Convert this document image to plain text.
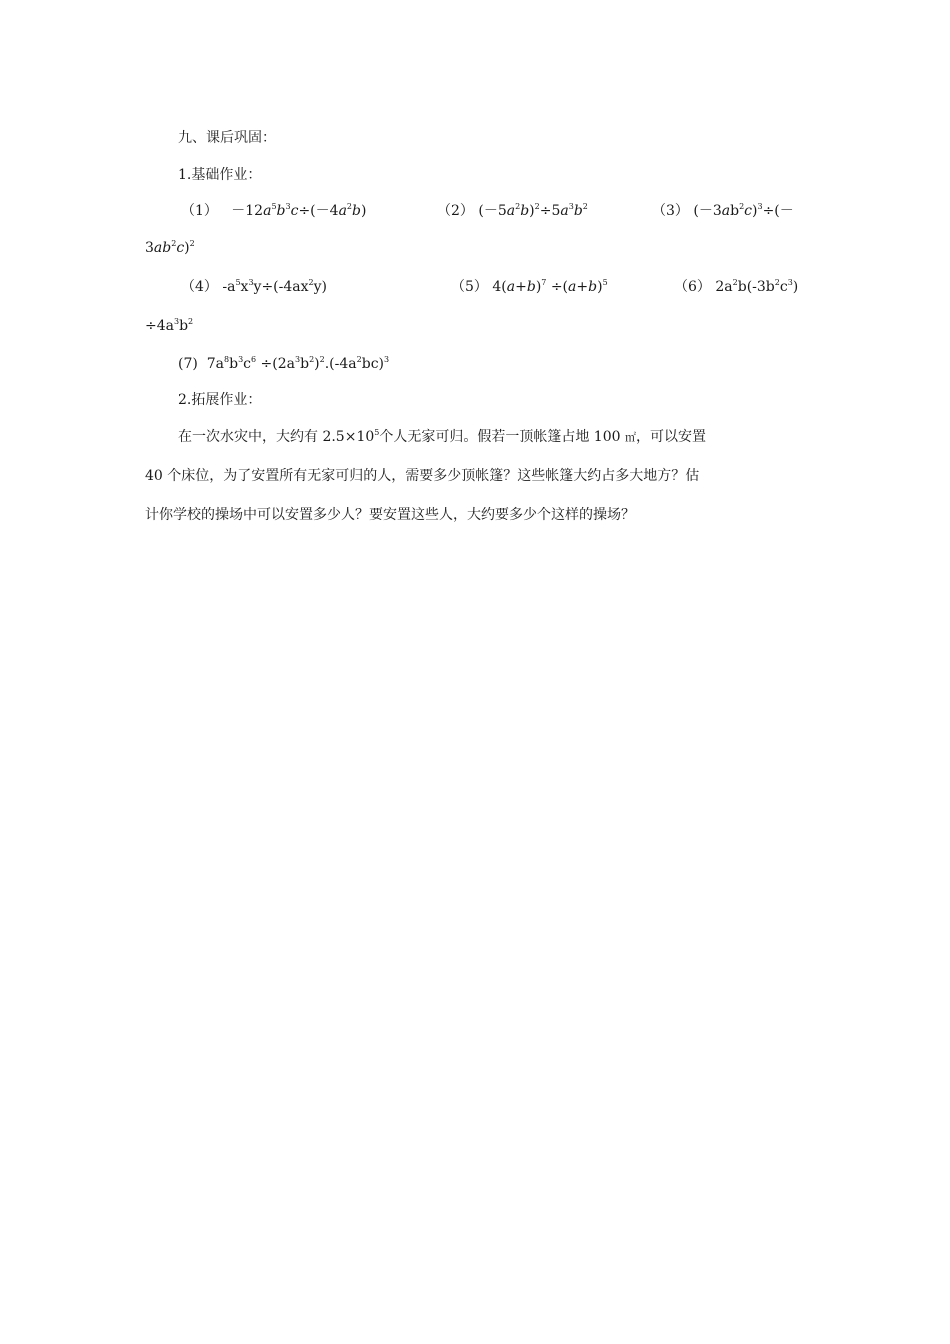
九、课后巩固：
1.基础作业：
$(1) -12a^5b^3c\div(-4a^2b)$	（2） $(-5a^2b)^2\div 5a^3b^2$	（3） $(-3ab^2c)^3\div(-$
$3ab^2c)^2$
（4） $-a^5x^3y\div(-4ax^2y)$	（5） $4(a+b)^7 \div(a+b)^5$	（6） $2a^2b(-3b^2c^3)$
$\div 4a^3b^2$
(7)  $7a^8b^3c^6 \div(2a^3b^2)^2.(-4a^2bc)^3$
2.拓展作业：
在一次水灾中，大约有 $2.5\times 10^5$个人无家可归。假若一顶帐篷占地 100 ㎡，可以安置
40 个床位，为了安置所有无家可归的人，需要多少顶帐篷？这些帐篷大约占多大地方？估
计你学校的操场中可以安置多少人？要安置这些人，大约要多少个这样的操场？
